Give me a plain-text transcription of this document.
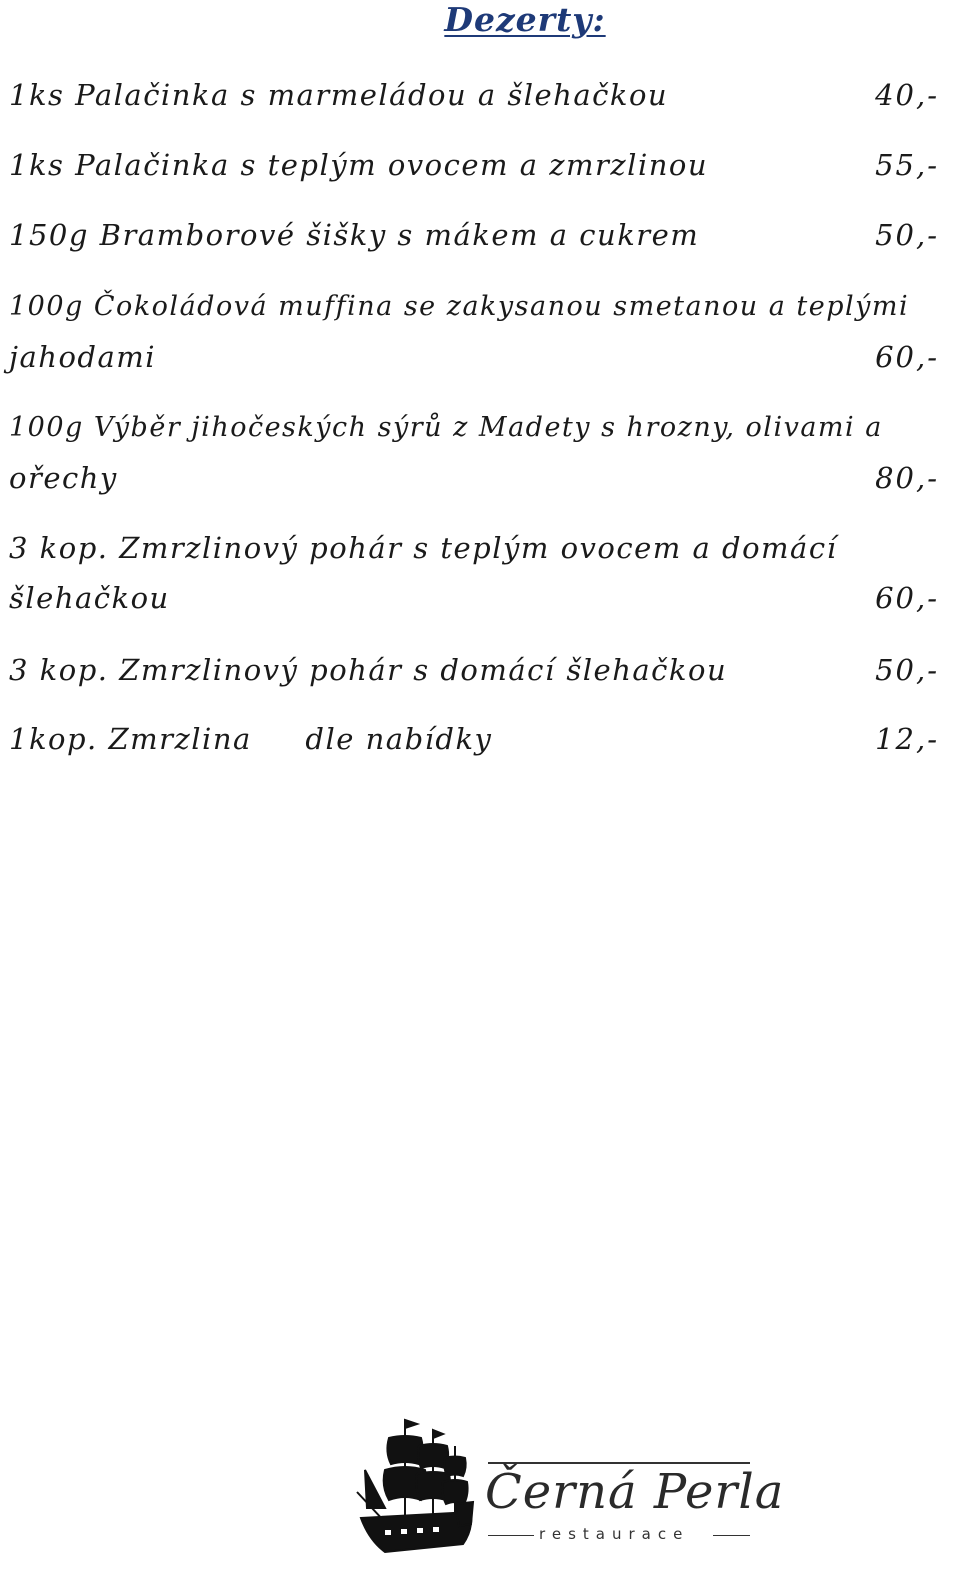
Dezerty:
1ks Palačinka s marmeládou a šlehačkou	40,-
1ks Palačinka s teplým ovocem a zmrzlinou	55,-
150g Bramborové šišky s mákem a cukrem	50,-
100g Čokoládová muffina se zakysanou smetanou a teplými
jahodami	60,-
100g Výběr jihočeských sýrů z Madety s hrozny, olivami a
ořechy	80,-
3 kop. Zmrzlinový pohár s teplým ovocem a domácí
šlehačkou	60,-
3 kop. Zmrzlinový pohár s domácí šlehačkou	50,-
1kop. Zmrzlina     dle nabídky	12,-
Černá Perla
restaurace
